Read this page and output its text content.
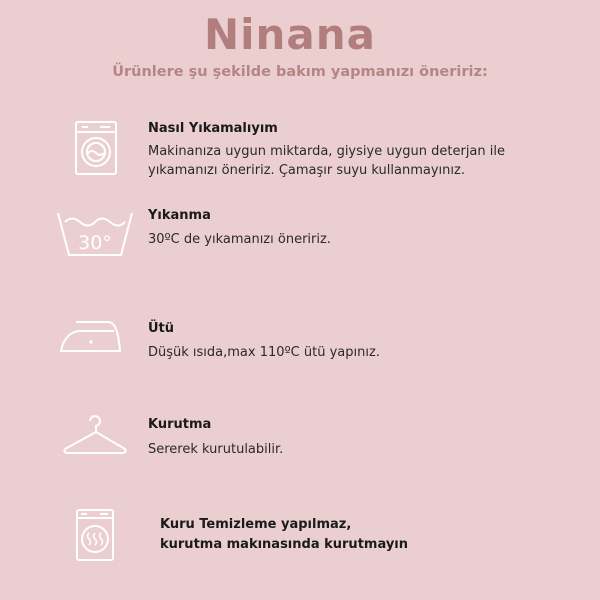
Ninana
Ürünlere şu şekilde bakım yapmanızı öneririz:
Nasıl Yıkamalıyım
Makinanıza uygun miktarda, giysiye uygun deterjan ile yıkamanızı öneririz. Çamaşır suyu kullanmayınız.
30°
Yıkanma
30ºC de yıkamanızı öneririz.
Ütü
Düşük ısıda,max 110ºC ütü yapınız.
Kurutma
Sererek kurutulabilir.
Kuru Temizleme yapılmaz,
kurutma makınasında kurutmayın
